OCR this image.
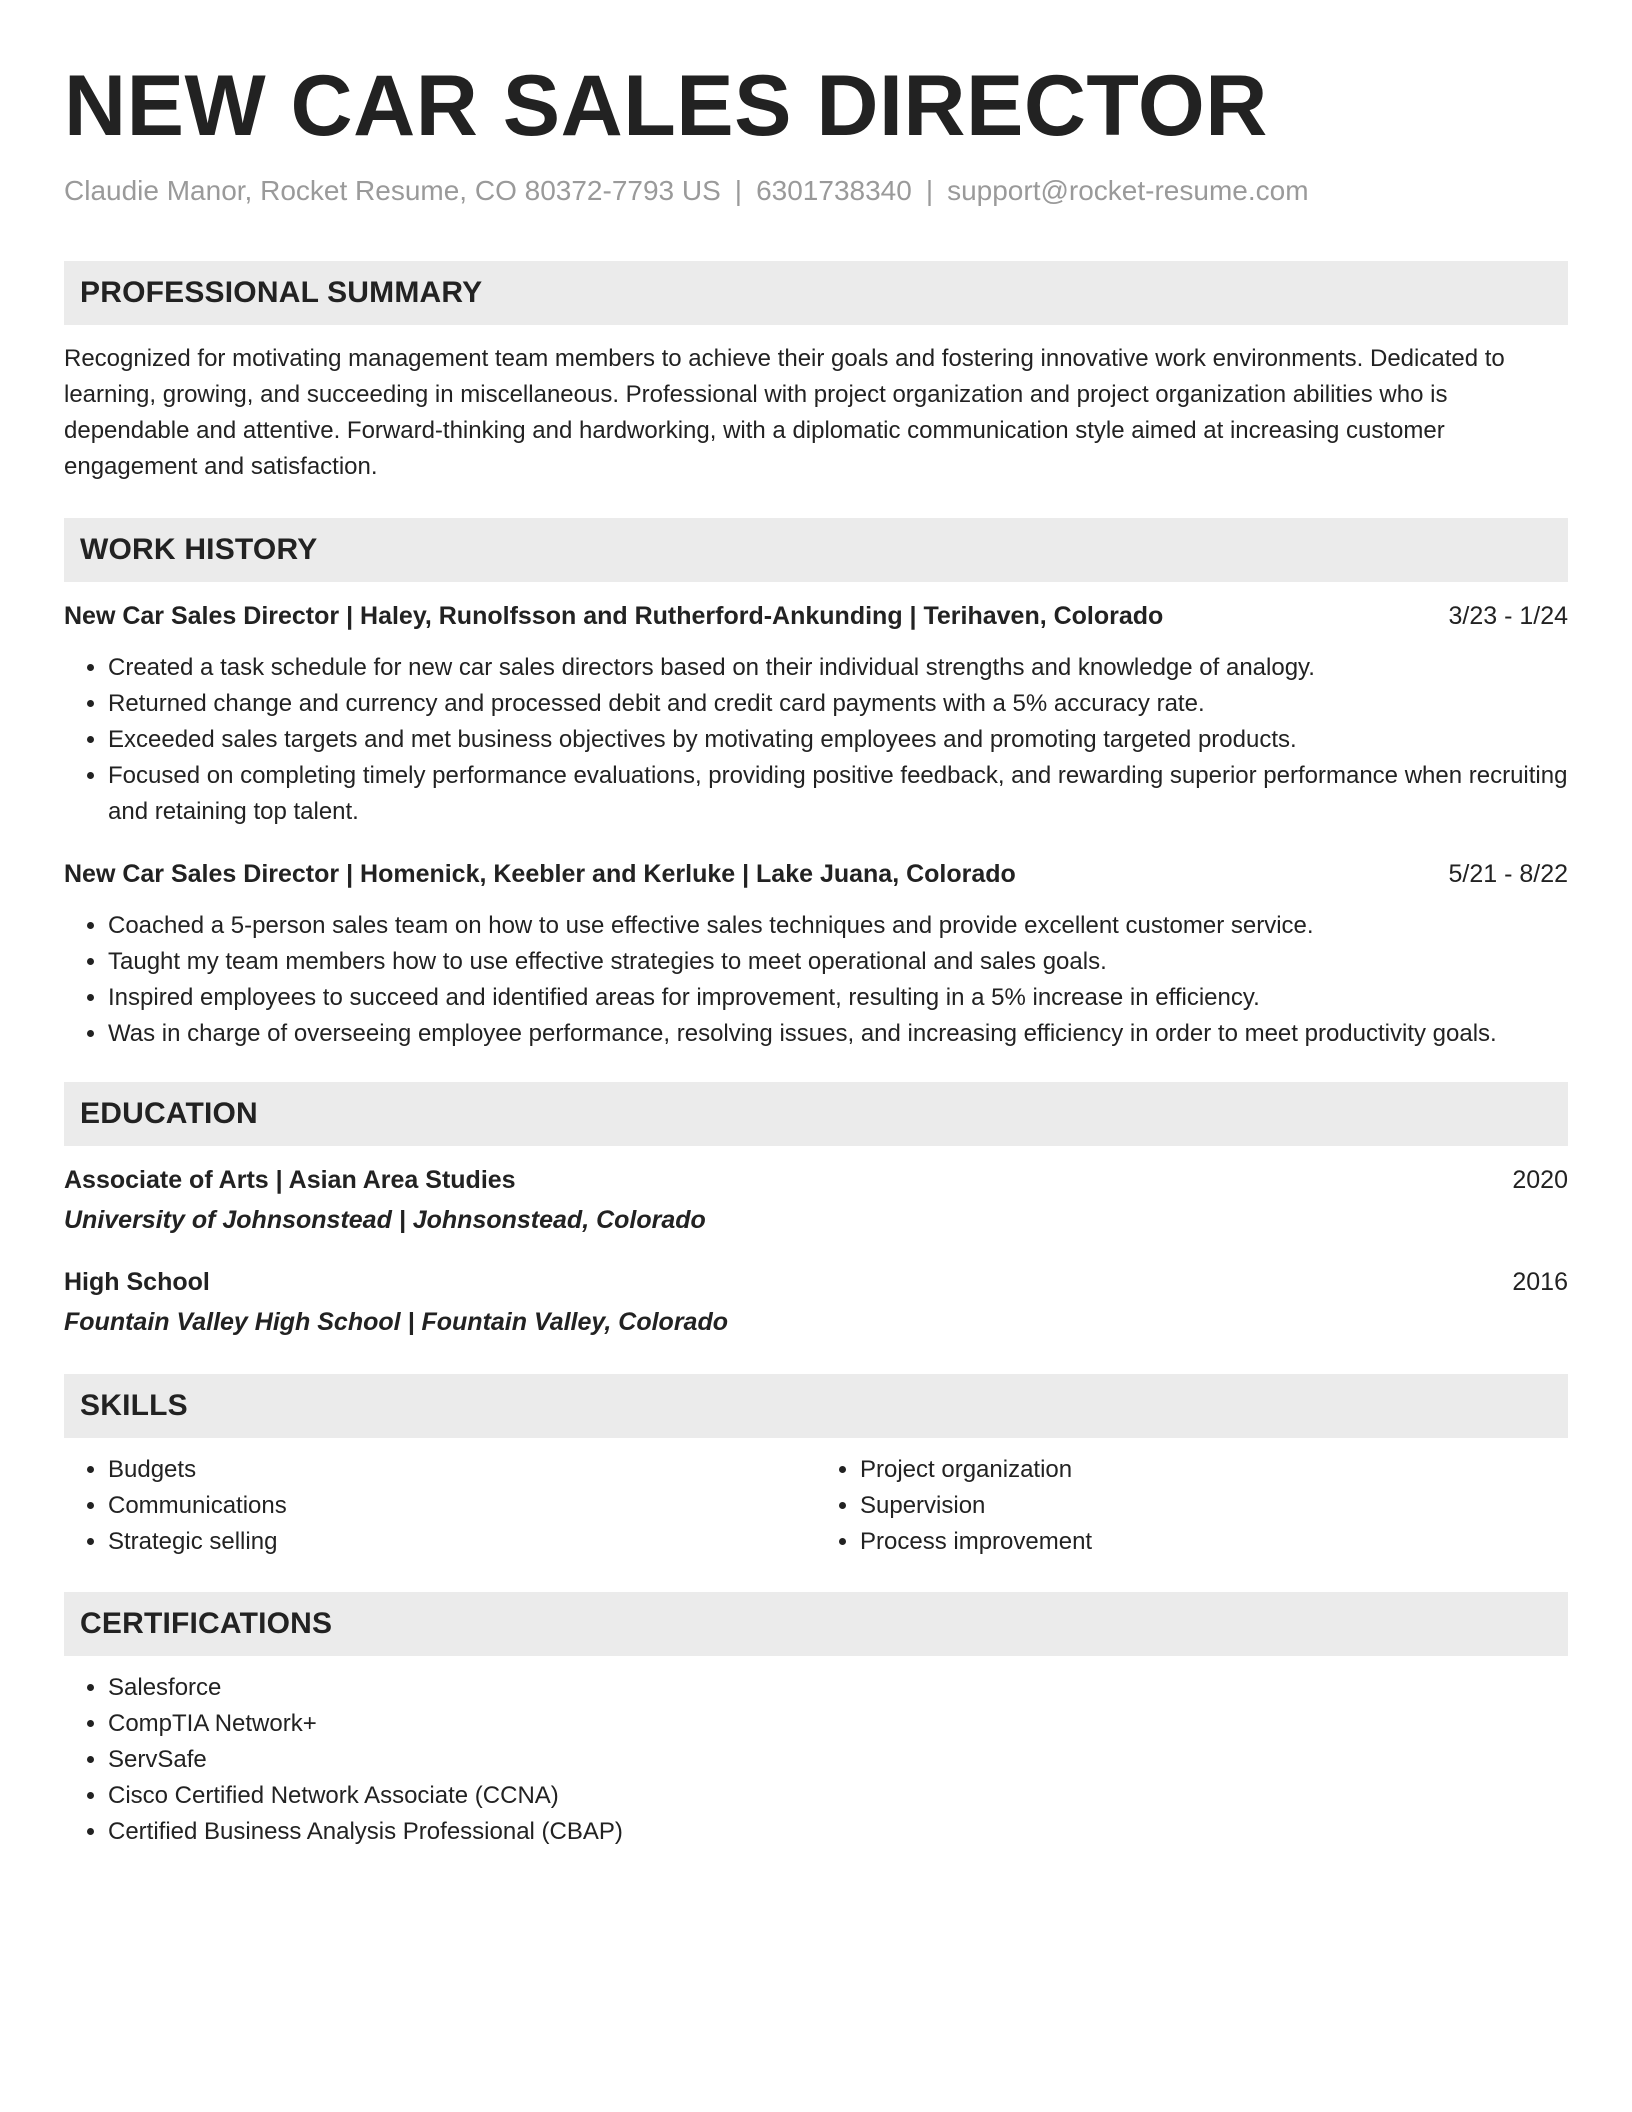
NEW CAR SALES DIRECTOR
Claudie Manor, Rocket Resume, CO 80372-7793 US | 6301738340 | support@rocket-resume.com
PROFESSIONAL SUMMARY
Recognized for motivating management team members to achieve their goals and fostering innovative work environments. Dedicated to learning, growing, and succeeding in miscellaneous. Professional with project organization and project organization abilities who is dependable and attentive. Forward-thinking and hardworking, with a diplomatic communication style aimed at increasing customer engagement and satisfaction.
WORK HISTORY
New Car Sales Director | Haley, Runolfsson and Rutherford-Ankunding | Terihaven, Colorado	3/23 - 1/24
• Created a task schedule for new car sales directors based on their individual strengths and knowledge of analogy.
• Returned change and currency and processed debit and credit card payments with a 5% accuracy rate.
• Exceeded sales targets and met business objectives by motivating employees and promoting targeted products.
• Focused on completing timely performance evaluations, providing positive feedback, and rewarding superior performance when recruiting and retaining top talent.
New Car Sales Director | Homenick, Keebler and Kerluke | Lake Juana, Colorado	5/21 - 8/22
• Coached a 5-person sales team on how to use effective sales techniques and provide excellent customer service.
• Taught my team members how to use effective strategies to meet operational and sales goals.
• Inspired employees to succeed and identified areas for improvement, resulting in a 5% increase in efficiency.
• Was in charge of overseeing employee performance, resolving issues, and increasing efficiency in order to meet productivity goals.
EDUCATION
Associate of Arts | Asian Area Studies	2020
University of Johnsonstead | Johnsonstead, Colorado
High School	2016
Fountain Valley High School | Fountain Valley, Colorado
SKILLS
• Budgets
• Communications
• Strategic selling
• Project organization
• Supervision
• Process improvement
CERTIFICATIONS
• Salesforce
• CompTIA Network+
• ServSafe
• Cisco Certified Network Associate (CCNA)
• Certified Business Analysis Professional (CBAP)
